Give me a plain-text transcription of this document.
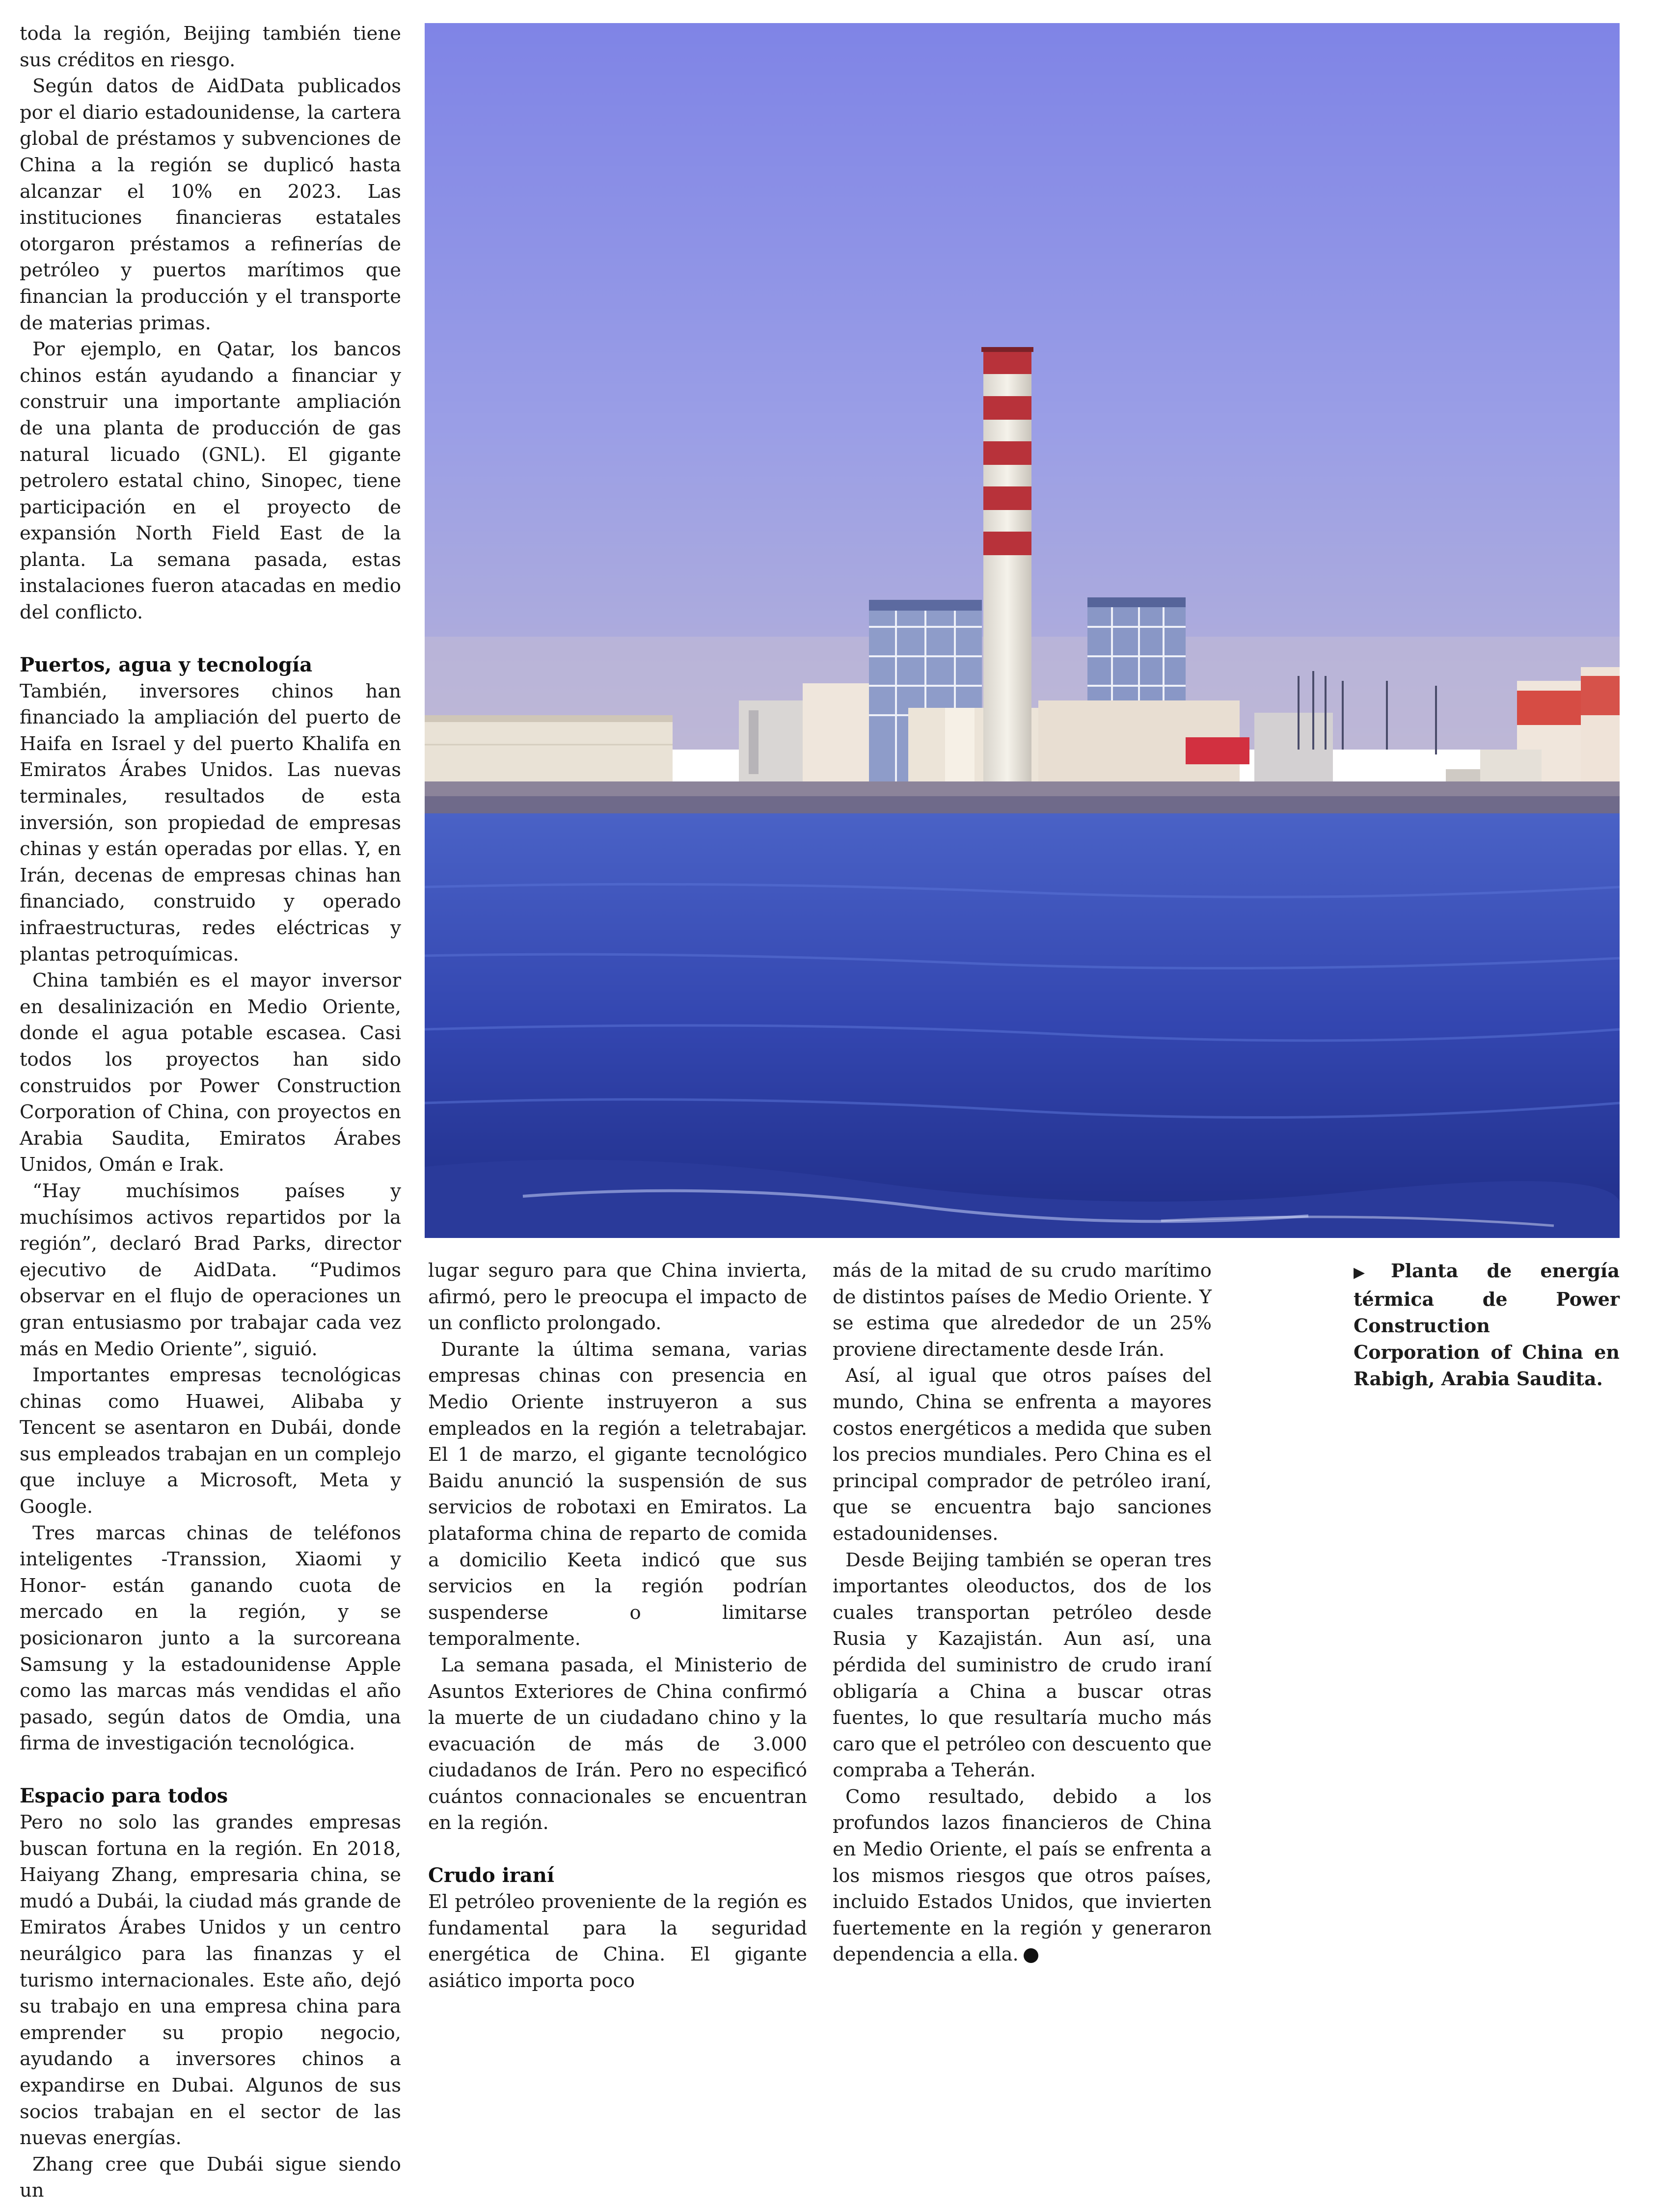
toda la región, Beijing también tiene sus créditos en riesgo.

Según datos de AidData publicados por el diario estadounidense, la cartera global de préstamos y subvenciones de China a la región se duplicó hasta alcanzar el 10% en 2023. Las instituciones financieras estatales otorgaron préstamos a refinerías de petróleo y puertos marítimos que financian la producción y el transporte de materias primas.

Por ejemplo, en Qatar, los bancos chinos están ayudando a financiar y construir una importante ampliación de una planta de producción de gas natural licuado (GNL). El gigante petrolero estatal chino, Sinopec, tiene participación en el proyecto de expansión North Field East de la planta. La semana pasada, estas instalaciones fueron atacadas en medio del conflicto.

Puertos, agua y tecnología

También, inversores chinos han financiado la ampliación del puerto de Haifa en Israel y del puerto Khalifa en Emiratos Árabes Unidos. Las nuevas terminales, resultados de esta inversión, son propiedad de empresas chinas y están operadas por ellas. Y, en Irán, decenas de empresas chinas han financiado, construido y operado infraestructuras, redes eléctricas y plantas petroquímicas.

China también es el mayor inversor en desalinización en Medio Oriente, donde el agua potable escasea. Casi todos los proyectos han sido construidos por Power Construction Corporation of China, con proyectos en Arabia Saudita, Emiratos Árabes Unidos, Omán e Irak.

“Hay muchísimos países y muchísimos activos repartidos por la región”, declaró Brad Parks, director ejecutivo de AidData. “Pudimos observar en el flujo de operaciones un gran entusiasmo por trabajar cada vez más en Medio Oriente”, siguió.

Importantes empresas tecnológicas chinas como Huawei, Alibaba y Tencent se asentaron en Dubái, donde sus empleados trabajan en un complejo que incluye a Microsoft, Meta y Google.

Tres marcas chinas de teléfonos inteligentes -Transsion, Xiaomi y Honor- están ganando cuota de mercado en la región, y se posicionaron junto a la surcoreana Samsung y la estadounidense Apple como las marcas más vendidas el año pasado, según datos de Omdia, una firma de investigación tecnológica.

Espacio para todos

Pero no solo las grandes empresas buscan fortuna en la región. En 2018, Haiyang Zhang, empresaria china, se mudó a Dubái, la ciudad más grande de Emiratos Árabes Unidos y un centro neurálgico para las finanzas y el turismo internacionales. Este año, dejó su trabajo en una empresa china para emprender su propio negocio, ayudando a inversores chinos a expandirse en Dubai. Algunos de sus socios trabajan en el sector de las nuevas energías.

Zhang cree que Dubái sigue siendo un

lugar seguro para que China invierta, afirmó, pero le preocupa el impacto de un conflicto prolongado.

Durante la última semana, varias empresas chinas con presencia en Medio Oriente instruyeron a sus empleados en la región a teletrabajar. El 1 de marzo, el gigante tecnológico Baidu anunció la suspensión de sus servicios de robotaxi en Emiratos. La plataforma china de reparto de comida a domicilio Keeta indicó que sus servicios en la región podrían suspenderse o limitarse temporalmente.

La semana pasada, el Ministerio de Asuntos Exteriores de China confirmó la muerte de un ciudadano chino y la evacuación de más de 3.000 ciudadanos de Irán. Pero no especificó cuántos connacionales se encuentran en la región.

Crudo iraní

El petróleo proveniente de la región es fundamental para la seguridad energética de China. El gigante asiático importa poco

más de la mitad de su crudo marítimo de distintos países de Medio Oriente. Y se estima que alrededor de un 25% proviene directamente desde Irán.

Así, al igual que otros países del mundo, China se enfrenta a mayores costos energéticos a medida que suben los precios mundiales. Pero China es el principal comprador de petróleo iraní, que se encuentra bajo sanciones estadounidenses.

Desde Beijing también se operan tres importantes oleoductos, dos de los cuales transportan petróleo desde Rusia y Kazajistán. Aun así, una pérdida del suministro de crudo iraní obligaría a China a buscar otras fuentes, lo que resultaría mucho más caro que el petróleo con descuento que compraba a Teherán.

Como resultado, debido a los profundos lazos financieros de China en Medio Oriente, el país se enfrenta a los mismos riesgos que otros países, incluido Estados Unidos, que invierten fuertemente en la región y generaron dependencia a ella.

▶ Planta de energía térmica de Power Construction Corporation of China en Rabigh, Arabia Saudita.
